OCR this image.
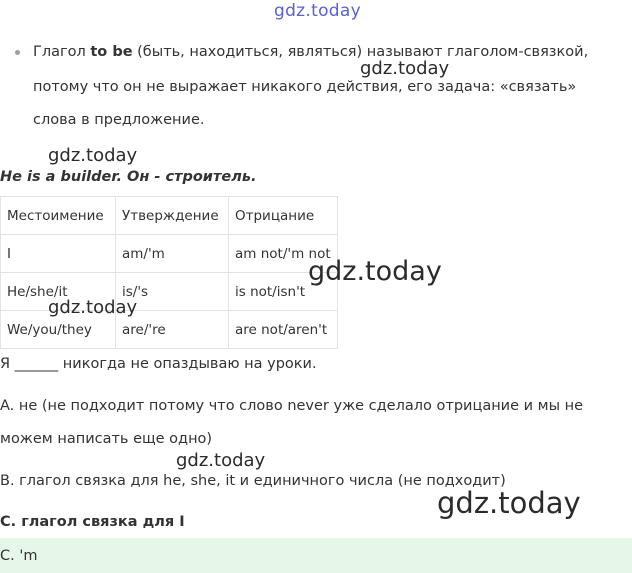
gdz.today
Глагол to be (быть, находиться, являться) называют глаголом-связкой,
потому что он не выражает никакого действия, его задача: «связать»
слова в предложение.
gdz.today
gdz.today
He is a builder. Он - строитель.
Местоимение	Утверждение	Отрицание
I	am/'m	am not/'m not
He/she/it	is/'s	is not/isn't
We/you/they	are/'re	are not/aren't
gdz.today
gdz.today
Я ______ никогда не опаздываю на уроки.
A. не (не подходит потому что слово never уже сделало отрицание и мы не
можем написать еще одно)
gdz.today
B. глагол связка для he, she, it и единичного числа (не подходит)
gdz.today
C. глагол связка для I
C. 'm
